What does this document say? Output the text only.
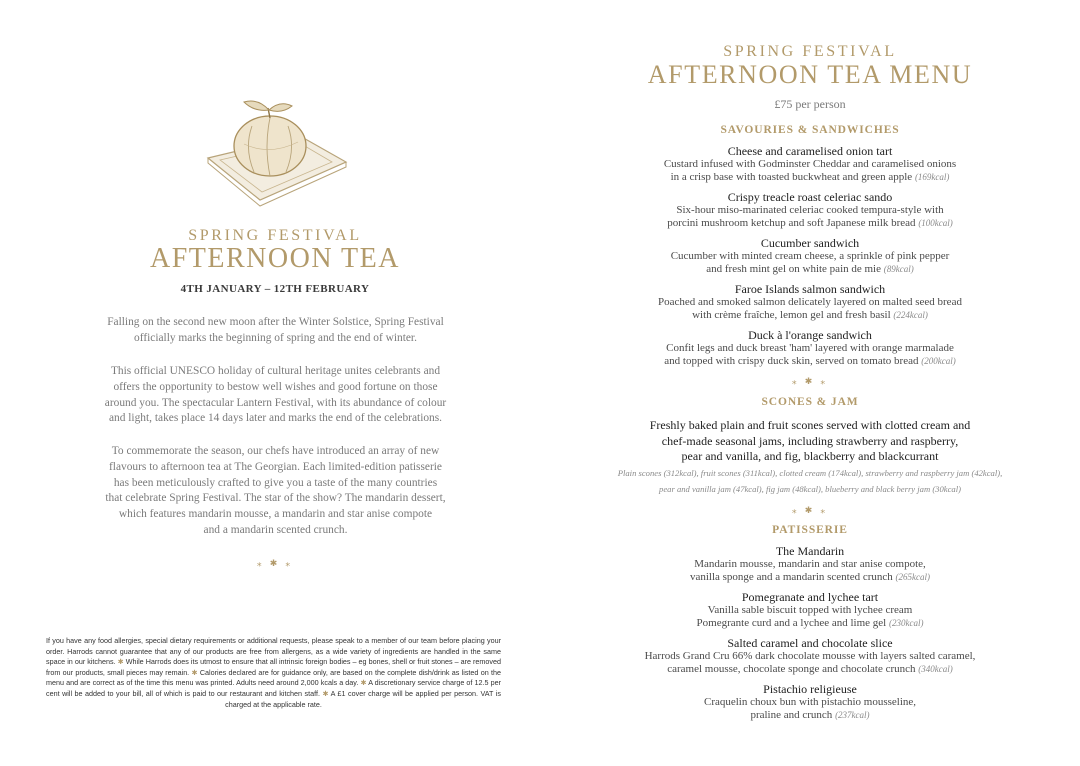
SPRING FESTIVAL
AFTERNOON TEA
4TH JANUARY – 12TH FEBRUARY

Falling on the second new moon after the Winter Solstice, Spring Festival
officially marks the beginning of spring and the end of winter.

This official UNESCO holiday of cultural heritage unites celebrants and
offers the opportunity to bestow well wishes and good fortune on those
around you. The spectacular Lantern Festival, with its abundance of colour
and light, takes place 14 days later and marks the end of the celebrations.

To commemorate the season, our chefs have introduced an array of new
flavours to afternoon tea at The Georgian. Each limited-edition patisserie
has been meticulously crafted to give you a taste of the many countries
that celebrate Spring Festival. The star of the show? The mandarin dessert,
which features mandarin mousse, a mandarin and star anise compote
and a mandarin scented crunch.

⁎ ✱ ⁎

If you have any food allergies, special dietary requirements or additional requests, please speak to a member of our team before placing your order. Harrods cannot guarantee that any of our products are free from allergens, as a wide variety of ingredients are handled in the same space in our kitchens. ✱ While Harrods does its utmost to ensure that all intrinsic foreign bodies – eg bones, shell or fruit stones – are removed from our products, small pieces may remain. ✱ Calories declared are for guidance only, are based on the complete dish/drink as listed on the menu and are correct as of the time this menu was printed. Adults need around 2,000 kcals a day. ✱ A discretionary service charge of 12.5 per cent will be added to your bill, all of which is paid to our restaurant and kitchen staff. ✱ A £1 cover charge will be applied per person. VAT is charged at the applicable rate.

SPRING FESTIVAL
AFTERNOON TEA MENU
£75 per person
SAVOURIES & SANDWICHES
Cheese and caramelised onion tart
Custard infused with Godminster Cheddar and caramelised onions
in a crisp base with toasted buckwheat and green apple (169kcal)
Crispy treacle roast celeriac sando
Six-hour miso-marinated celeriac cooked tempura-style with
porcini mushroom ketchup and soft Japanese milk bread (100kcal)
Cucumber sandwich
Cucumber with minted cream cheese, a sprinkle of pink pepper
and fresh mint gel on white pain de mie (89kcal)
Faroe Islands salmon sandwich
Poached and smoked salmon delicately layered on malted seed bread
with crème fraîche, lemon gel and fresh basil (224kcal)
Duck à l'orange sandwich
Confit legs and duck breast 'ham' layered with orange marmalade
and topped with crispy duck skin, served on tomato bread (200kcal)
⁎ ✱ ⁎
SCONES & JAM
Freshly baked plain and fruit scones served with clotted cream and
chef-made seasonal jams, including strawberry and raspberry,
pear and vanilla, and fig, blackberry and blackcurrant
Plain scones (312kcal), fruit scones (311kcal), clotted cream (174kcal), strawberry and raspberry jam (42kcal),
pear and vanilla jam (47kcal), fig jam (48kcal), blueberry and black berry jam (30kcal)
⁎ ✱ ⁎
PATISSERIE
The Mandarin
Mandarin mousse, mandarin and star anise compote,
vanilla sponge and a mandarin scented crunch (265kcal)
Pomegranate and lychee tart
Vanilla sable biscuit topped with lychee cream
Pomegrante curd and a lychee and lime gel (230kcal)
Salted caramel and chocolate slice
Harrods Grand Cru 66% dark chocolate mousse with layers salted caramel,
caramel mousse, chocolate sponge and chocolate crunch (340kcal)
Pistachio religieuse
Craquelin choux bun with pistachio mousseline,
praline and crunch (237kcal)
